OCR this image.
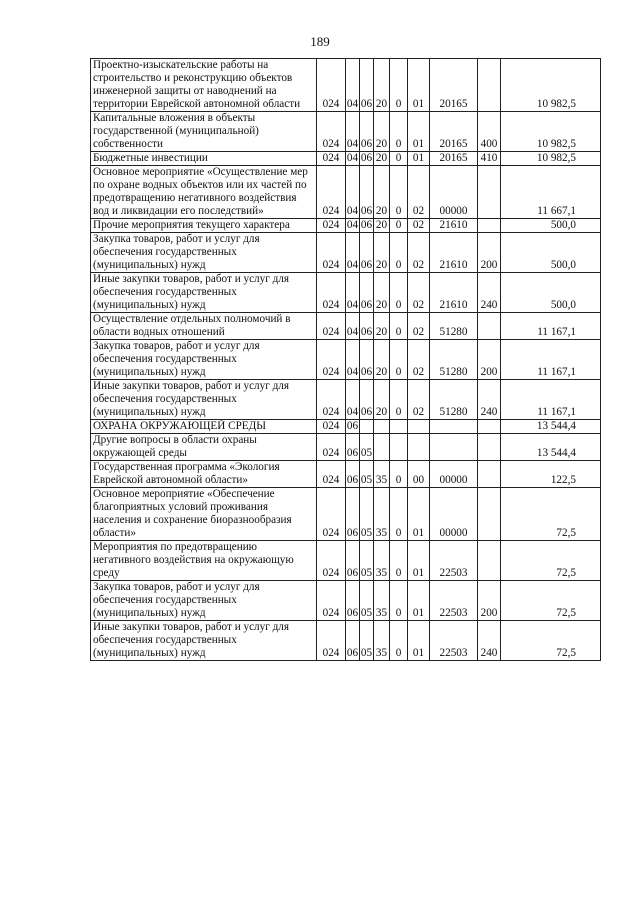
189
Проектно-изыскательские работы на строительство и реконструкцию объектов инженерной защиты от наводнений на территории Еврейской автономной области	024	04	06	20	0	01	20165		10 982,5
Капитальные вложения в объекты государственной (муниципальной) собственности	024	04	06	20	0	01	20165	400	10 982,5
Бюджетные инвестиции	024	04	06	20	0	01	20165	410	10 982,5
Основное мероприятие «Осуществление мер по охране водных объектов или их частей по предотвращению негативного воздействия вод и ликвидации его последствий»	024	04	06	20	0	02	00000		11 667,1
Прочие мероприятия текущего характера	024	04	06	20	0	02	21610		500,0
Закупка товаров, работ и услуг для обеспечения государственных (муниципальных) нужд	024	04	06	20	0	02	21610	200	500,0
Иные закупки товаров, работ и услуг для обеспечения государственных (муниципальных) нужд	024	04	06	20	0	02	21610	240	500,0
Осуществление отдельных полномочий в области водных отношений	024	04	06	20	0	02	51280		11 167,1
Закупка товаров, работ и услуг для обеспечения государственных (муниципальных) нужд	024	04	06	20	0	02	51280	200	11 167,1
Иные закупки товаров, работ и услуг для обеспечения государственных (муниципальных) нужд	024	04	06	20	0	02	51280	240	11 167,1
ОХРАНА ОКРУЖАЮЩЕЙ СРЕДЫ	024	06							13 544,4
Другие вопросы в области охраны окружающей среды	024	06	05						13 544,4
Государственная программа «Экология Еврейской автономной области»	024	06	05	35	0	00	00000		122,5
Основное мероприятие «Обеспечение благоприятных условий проживания населения и сохранение биоразнообразия области»	024	06	05	35	0	01	00000		72,5
Мероприятия по предотвращению негативного воздействия на окружающую среду	024	06	05	35	0	01	22503		72,5
Закупка товаров, работ и услуг для обеспечения государственных (муниципальных) нужд	024	06	05	35	0	01	22503	200	72,5
Иные закупки товаров, работ и услуг для обеспечения государственных (муниципальных) нужд	024	06	05	35	0	01	22503	240	72,5
